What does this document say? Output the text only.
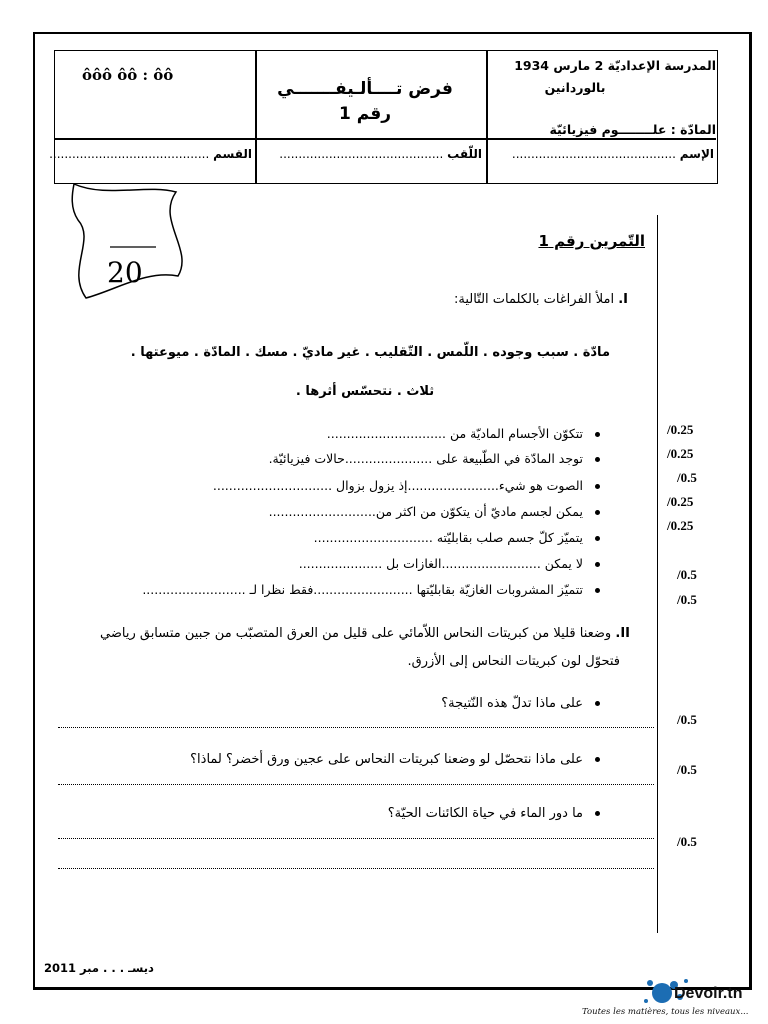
ôôô ôô : ôô
فرض تــــألـيفـــــــي
رقم 1
المدرسة الإعداديّة 2 مارس 1934
بالوردانين
المادّة : علــــــــوم فيزيائيّة
القسم ..........................................	اللّقب ...........................................	الإسم ...........................................
20
التّمرين رقم 1
I. املأ الفراغات بالكلمات التّالية:
مادّة . سبب وجوده . اللّمس . التّقليب . غير ماديّ . مسك . المادّة . ميوعتها .
ثلاث . نتحسّس أثرها .
تتكوّن الأجسام الماديّة من ..............................
توجد المادّة في الطّبيعة على ......................حالات فيزيائيّة.
الصوت هو شيء.......................إذ يزول بزوال ..............................
يمكن لجسم ماديّ أن يتكوّن من اكثر من...........................
يتميّز كلّ جسم صلب بقابليّته ..............................
لا يمكن .........................الغازات بل .....................
تتميّز المشروبات الغازيّة بقابليّتها .........................فقط نظرا لـ ..........................
/0.25
/0.25
/0.5
/0.25
/0.25
/0.5
/0.5
/0.5
/0.5
/0.5
II. وضعنا قليلا من كبريتات النحاس اللاّمائي على قليل من العرق المتصبّب من جبين متسابق رياضي
فتحوّل لون كبريتات النحاس إلى الأزرق.
على ماذا تدلّ هذه النّتيجة؟
على ماذا نتحصّل لو وضعنا كبريتات النحاس على عجين ورق أخضر؟ لماذا؟
ما دور الماء في حياة الكائنات الحيّة؟
ديسـ . . . مبر 2011
Devoir.tn
Toutes les matières, tous les niveaux...
